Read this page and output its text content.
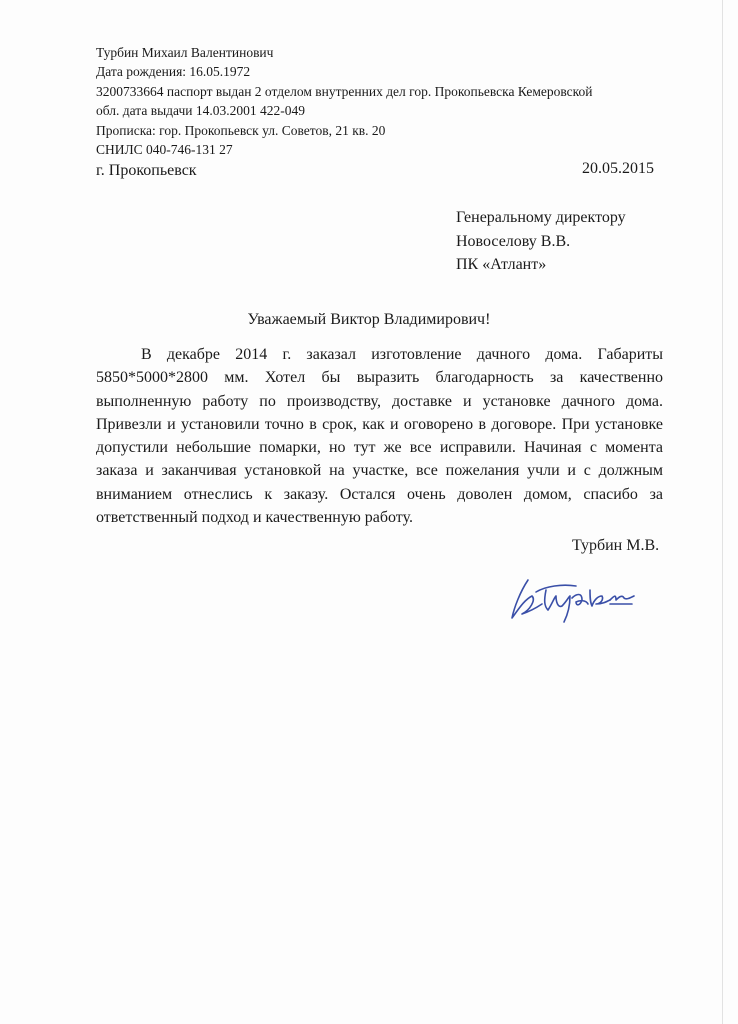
Турбин Михаил Валентинович
Дата рождения: 16.05.1972
3200733664 паспорт выдан 2 отделом внутренних дел гор. Прокопьевска Кемеровской
обл. дата выдачи 14.03.2001 422-049
Прописка: гор. Прокопьевск ул. Советов, 21 кв. 20
СНИЛС 040-746-131 27
г. Прокопьевск	20.05.2015
Генеральному директору
Новоселову В.В.
ПК «Атлант»
Уважаемый Виктор Владимирович!

В декабре 2014 г. заказал изготовление дачного дома. Габариты 5850*5000*2800 мм. Хотел бы выразить благодарность за качественно выполненную работу по производству, доставке и установке дачного дома. Привезли и установили точно в срок, как и оговорено в договоре. При установке допустили небольшие помарки, но тут же все исправили. Начиная с момента заказа и заканчивая установкой на участке, все пожелания учли и с должным вниманием отнеслись к заказу. Остался очень доволен домом, спасибо за ответственный подход и качественную работу.

Турбин М.В.
